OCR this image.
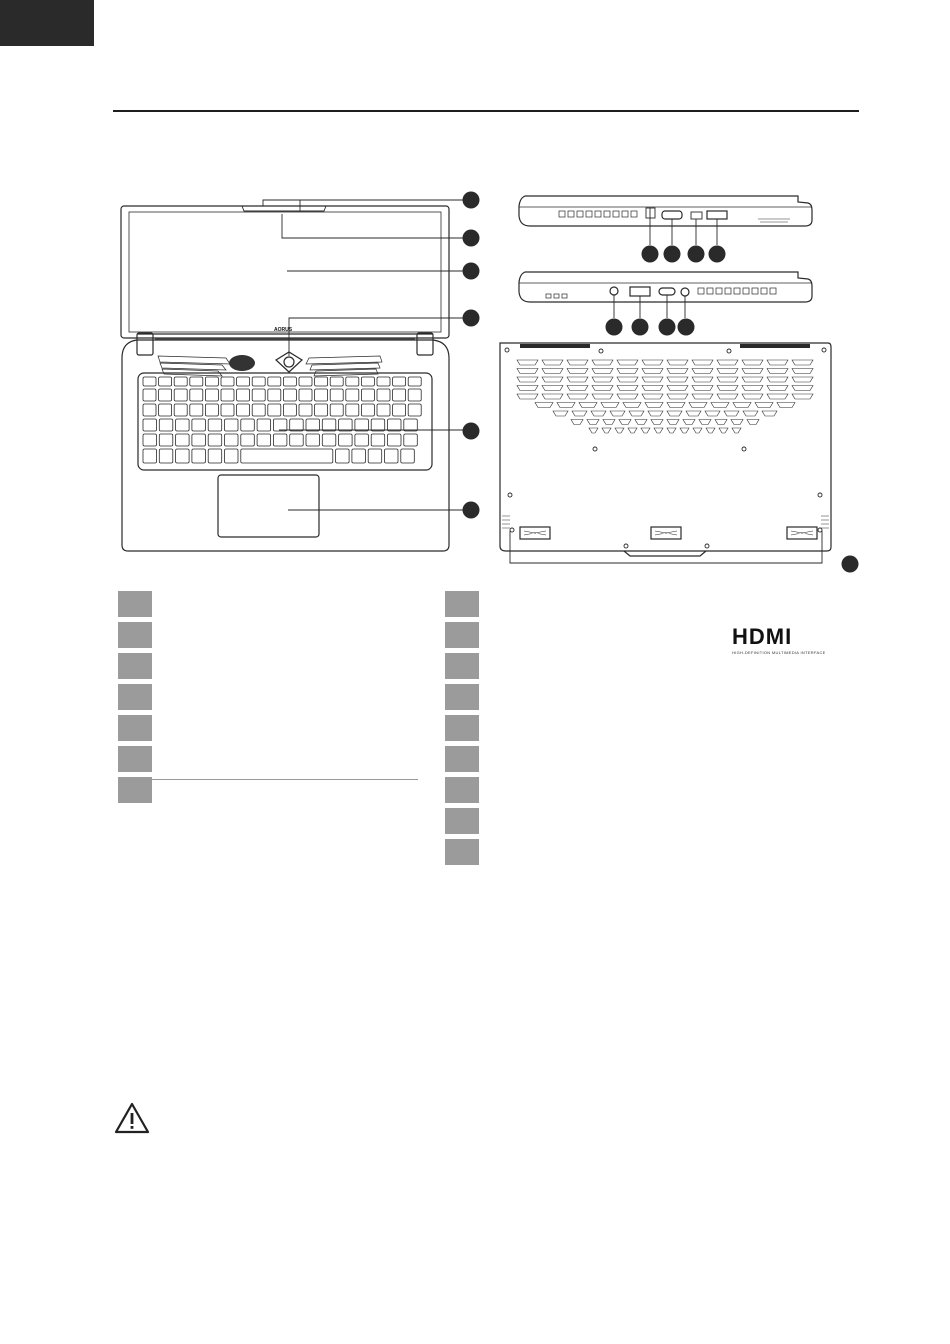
AORUS
HDMI
HIGH-DEFINITION MULTIMEDIA INTERFACE
